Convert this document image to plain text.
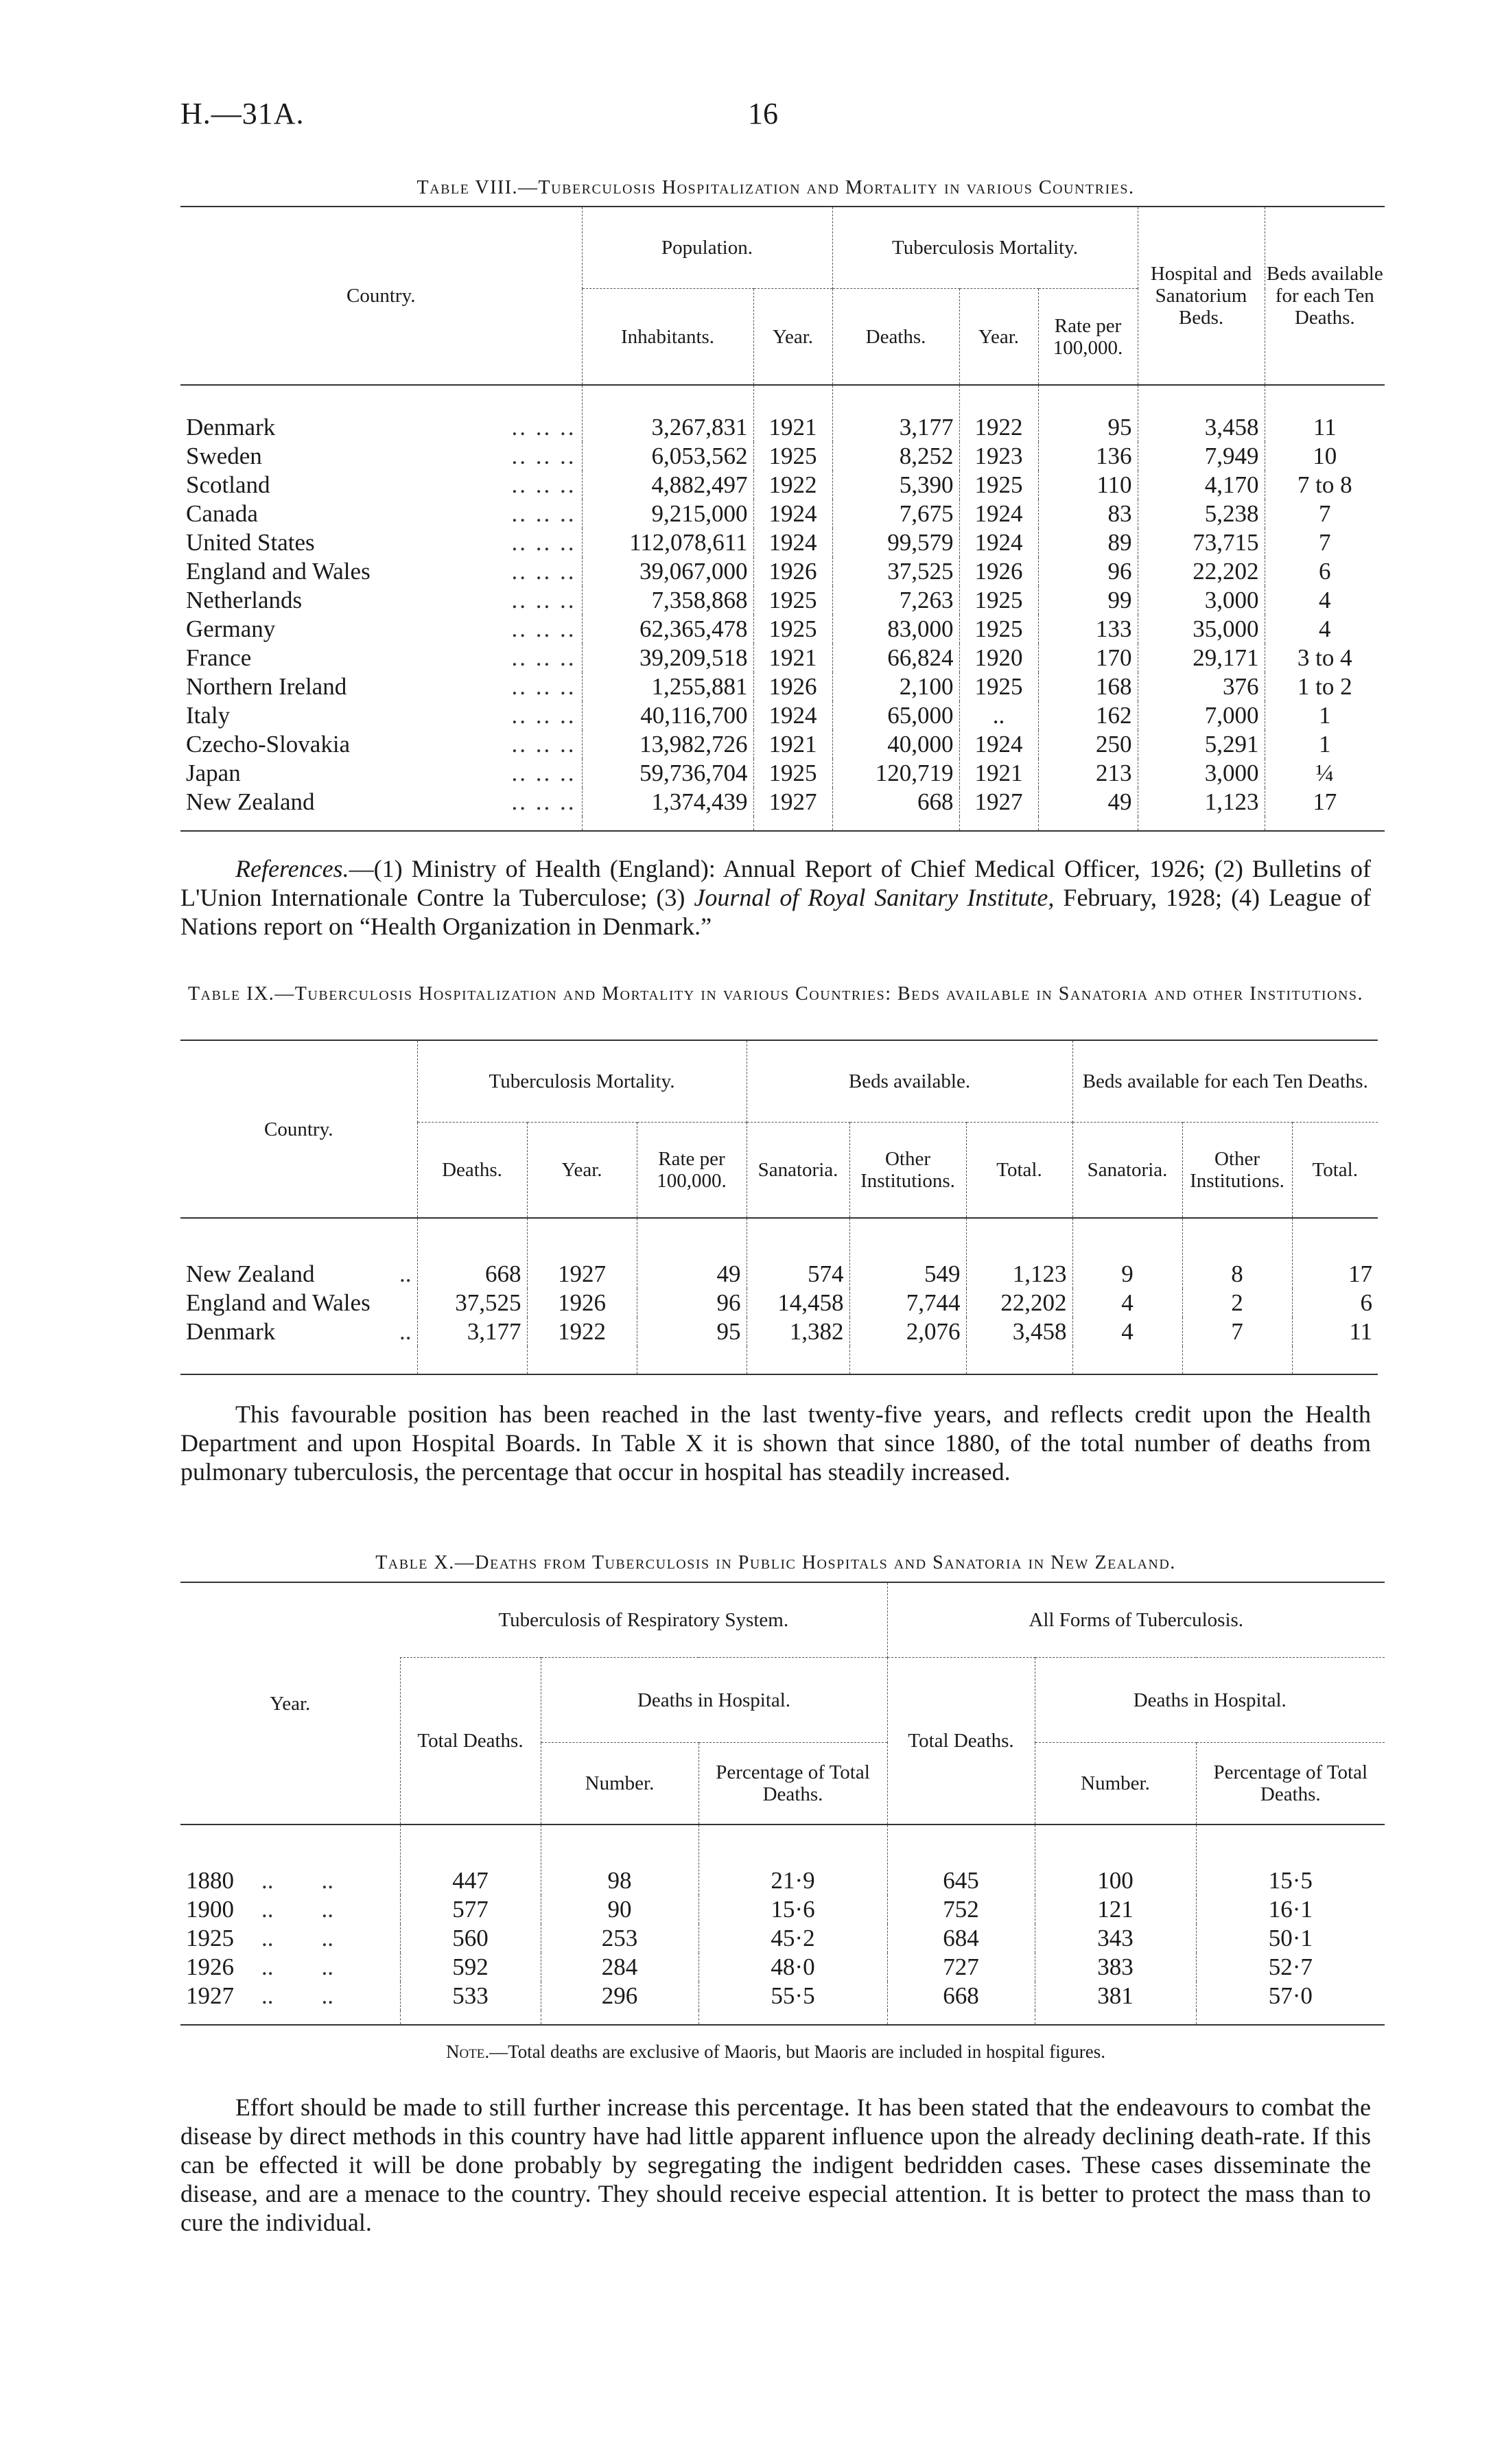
H.—31A.	16
Table VIII.—Tuberculosis Hospitalization and Mortality in various Countries.
Country.	Population.		Tuberculosis Mortality.			Hospital and Sanatorium Beds.	Beds available for each Ten Deaths.
	Inhabitants.	Year.	Deaths.	Year.	Rate per 100,000.		
Denmark .. .. ..	3,267,831	1921	3,177	1922	95	3,458	11
Sweden .. .. ..	6,053,562	1925	8,252	1923	136	7,949	10
Scotland .. .. ..	4,882,497	1922	5,390	1925	110	4,170	7 to 8
Canada .. .. ..	9,215,000	1924	7,675	1924	83	5,238	7
United States .. .. ..	112,078,611	1924	99,579	1924	89	73,715	7
England and Wales .. .. ..	39,067,000	1926	37,525	1926	96	22,202	6
Netherlands .. .. ..	7,358,868	1925	7,263	1925	99	3,000	4
Germany .. .. ..	62,365,478	1925	83,000	1925	133	35,000	4
France .. .. ..	39,209,518	1921	66,824	1920	170	29,171	3 to 4
Northern Ireland .. .. ..	1,255,881	1926	2,100	1925	168	376	1 to 2
Italy .. .. ..	40,116,700	1924	65,000	..	162	7,000	1
Czecho-Slovakia .. .. ..	13,982,726	1921	40,000	1924	250	5,291	1
Japan .. .. ..	59,736,704	1925	120,719	1921	213	3,000	¼
New Zealand .. .. ..	1,374,439	1927	668	1927	49	1,123	17

References.—(1) Ministry of Health (England): Annual Report of Chief Medical Officer, 1926; (2) Bulletins of L'Union Internationale Contre la Tuberculose; (3) Journal of Royal Sanitary Institute, February, 1928; (4) League of Nations report on “Health Organization in Denmark.”
Table IX.—Tuberculosis Hospitalization and Mortality in various Countries: Beds available in Sanatoria and other Institutions.
Country.	Tuberculosis Mortality.			Beds available.			Beds available for each Ten Deaths.		
	Deaths.	Year.	Rate per 100,000.	Sanatoria.	Other Institutions.	Total.	Sanatoria.	Other Institutions.	Total.
New Zealand ..	668	1927	49	574	549	1,123	9	8	17
England and Wales	37,525	1926	96	14,458	7,744	22,202	4	2	6
Denmark ..	3,177	1922	95	1,382	2,076	3,458	4	7	11

This favourable position has been reached in the last twenty-five years, and reflects credit upon the Health Department and upon Hospital Boards. In Table X it is shown that since 1880, of the total number of deaths from pulmonary tuberculosis, the percentage that occur in hospital has steadily increased.
Table X.—Deaths from Tuberculosis in Public Hospitals and Sanatoria in New Zealand.
Year.	Tuberculosis of Respiratory System.			All Forms of Tuberculosis.		
	Total Deaths.	Deaths in Hospital.		Total Deaths.	Deaths in Hospital.	
		Number.	Percentage of Total Deaths.		Number.	Percentage of Total Deaths.
1880 ..        ..	447	98	21·9	645	100	15·5
1900 ..        ..	577	90	15·6	752	121	16·1
1925 ..        ..	560	253	45·2	684	343	50·1
1926 ..        ..	592	284	48·0	727	383	52·7
1927 ..        ..	533	296	55·5	668	381	57·0

Note.—Total deaths are exclusive of Maoris, but Maoris are included in hospital figures.
Effort should be made to still further increase this percentage. It has been stated that the endeavours to combat the disease by direct methods in this country have had little apparent influence upon the already declining death-rate. If this can be effected it will be done probably by segregating the indigent bedridden cases. These cases disseminate the disease, and are a menace to the country. They should receive especial attention. It is better to protect the mass than to cure the individual.
